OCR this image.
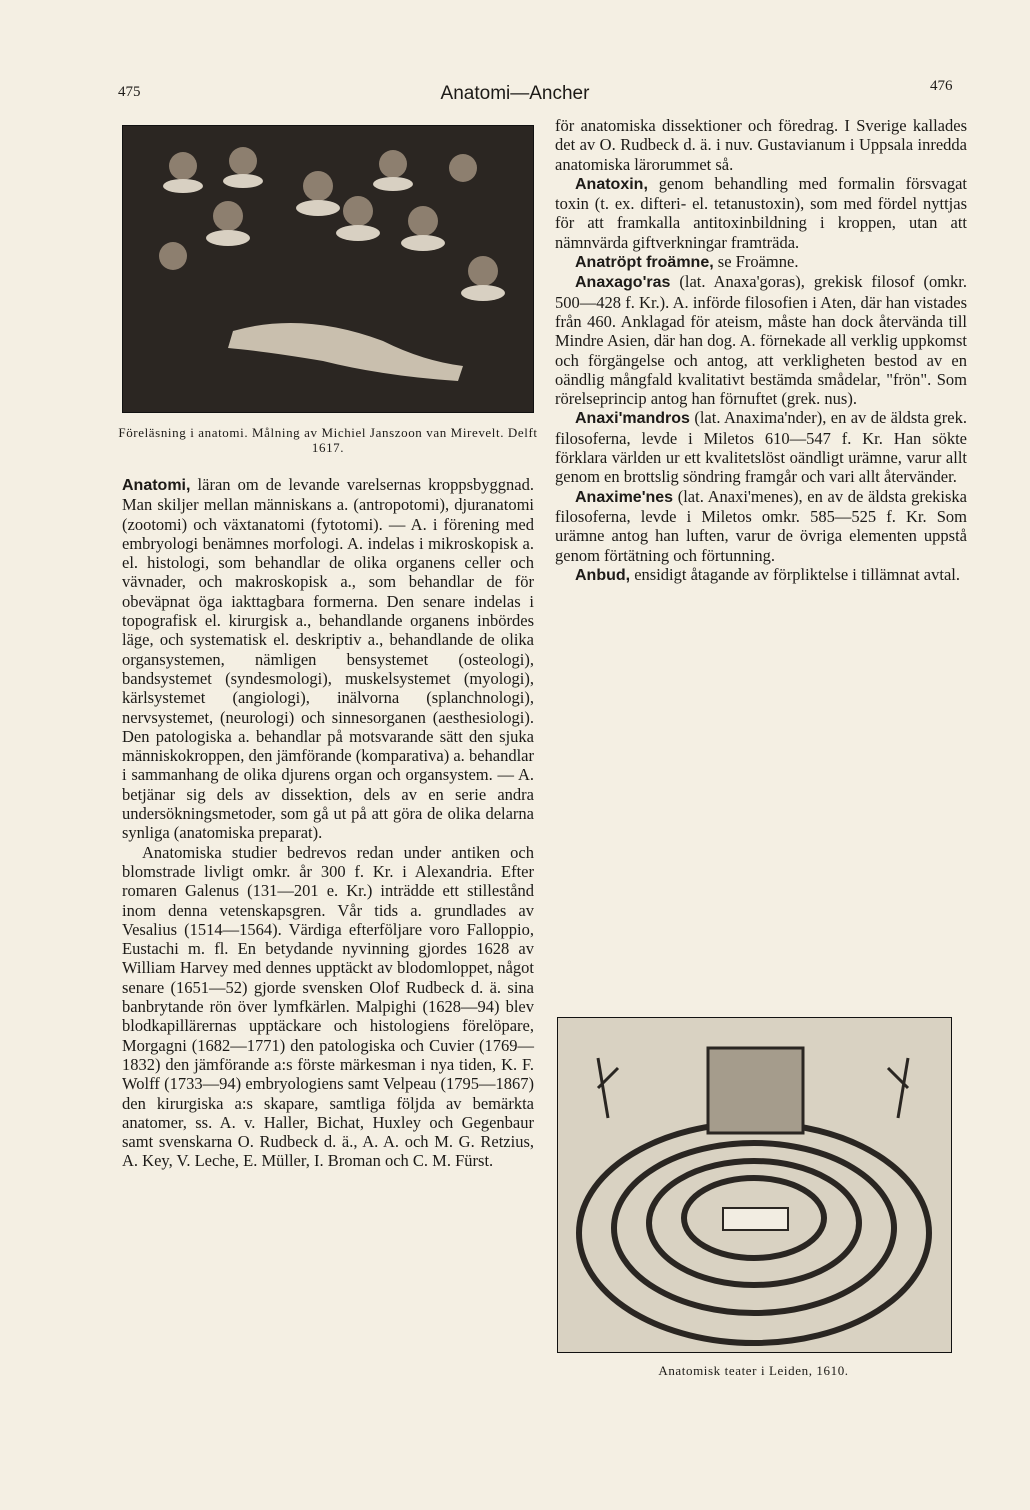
475	Anatomi—Ancher	476
Föreläsning i anatomi. Målning av Michiel Janszoon van Mirevelt. Delft 1617.
Anatomisk teater i Leiden, 1610.

Anatomi, läran om de levande varelsernas kroppsbyggnad. Man skiljer mellan människans a. (antropotomi), djuranatomi (zootomi) och växtanatomi (fytotomi). — A. i förening med embryologi benämnes morfologi. A. indelas i mikroskopisk a. el. histologi, som behandlar de olika organens celler och vävnader, och makroskopisk a., som behandlar de för obeväpnat öga iakttagbara formerna. Den senare indelas i topografisk el. kirurgisk a., behandlande organens inbördes läge, och systematisk el. deskriptiv a., behandlande de olika organsystemen, nämligen bensystemet (osteologi), bandsystemet (syndesmologi), muskelsystemet (myologi), kärlsystemet (angiologi), inälvorna (splanchnologi), nervsystemet, (neurologi) och sinnesorganen (aesthesiologi). Den patologiska a. behandlar på motsvarande sätt den sjuka människokroppen, den jämförande (komparativa) a. behandlar i sammanhang de olika djurens organ och organsystem. — A. betjänar sig dels av dissektion, dels av en serie andra undersökningsmetoder, som gå ut på att göra de olika delarna synliga (anatomiska preparat).

Anatomiska studier bedrevos redan under antiken och blomstrade livligt omkr. år 300 f. Kr. i Alexandria. Efter romaren Galenus (131—201 e. Kr.) inträdde ett stillestånd inom denna vetenskapsgren. Vår tids a. grundlades av Vesalius (1514—1564). Värdiga efterföljare voro Falloppio, Eustachi m. fl. En betydande nyvinning gjordes 1628 av William Harvey med dennes upptäckt av blodomloppet, något senare (1651—52) gjorde svensken Olof Rudbeck d. ä. sina banbrytande rön över lymfkärlen. Malpighi (1628—94) blev blodkapillärernas upptäckare och histologiens förelöpare, Morgagni (1682—1771) den patologiska och Cuvier (1769—1832) den jämförande a:s förste märkesman i nya tiden, K. F. Wolff (1733—94) embryologiens samt Velpeau (1795—1867) den kirurgiska a:s skapare, samtliga följda av bemärkta anatomer, ss. A. v. Haller, Bichat, Huxley och Gegenbaur samt svenskarna O. Rudbeck d. ä., A. A. och M. G. Retzius, A. Key, V. Leche, E. Müller, I. Broman och C. M. Fürst.

för anatomiska dissektioner och föredrag. I Sverige kallades det av O. Rudbeck d. ä. i nuv. Gustavianum i Uppsala inredda anatomiska lärorummet så.

Anatoxin, genom behandling med formalin försvagat toxin (t. ex. difteri- el. tetanustoxin), som med fördel nyttjas för att framkalla antitoxinbildning i kroppen, utan att nämnvärda giftverkningar framträda.

Anatröpt froämne, se Froämne.

Anaxago'ras (lat. Anaxa'goras), grekisk filosof (omkr. 500—428 f. Kr.). A. införde filosofien i Aten, där han vistades från 460. Anklagad för ateism, måste han dock återvända till Mindre Asien, där han dog. A. förnekade all verklig uppkomst och förgängelse och antog, att verkligheten bestod av en oändlig mångfald kvalitativt bestämda smådelar, "frön". Som rörelseprincip antog han förnuftet (grek. nus).

Anaxi'mandros (lat. Anaxima'nder), en av de äldsta grek. filosoferna, levde i Miletos 610—547 f. Kr. Han sökte förklara världen ur ett kvalitetslöst oändligt urämne, varur allt genom en brottslig söndring framgår och vari allt återvänder.

Anaxime'nes (lat. Anaxi'menes), en av de äldsta grekiska filosoferna, levde i Miletos omkr. 585—525 f. Kr. Som urämne antog han luften, varur de övriga elementen uppstå genom förtätning och förtunning.

Anbud, ensidigt åtagande av förpliktelse i tillämnat avtal.
